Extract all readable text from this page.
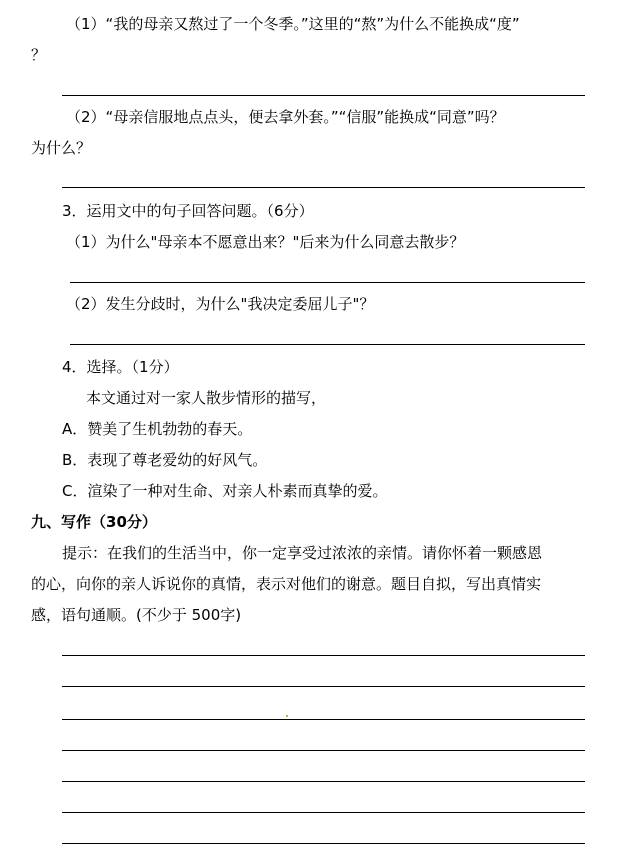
（1）“我的母亲又熬过了一个冬季。”这里的“熬”为什么不能换成“度”
？
（2）“母亲信服地点点头，便去拿外套。”“信服”能换成“同意”吗？
为什么？
3．运用文中的句子回答问题。（6分）
（1）为什么"母亲本不愿意出来？"后来为什么同意去散步？
（2）发生分歧时，为什么"我决定委屈儿子"？
4．选择。（1分）
本文通过对一家人散步情形的描写，
A．赞美了生机勃勃的春天。
B．表现了尊老爱幼的好风气。
C．渲染了一种对生命、对亲人朴素而真挚的爱。
九、写作（30分）
提示：在我们的生活当中，你一定享受过浓浓的亲情。请你怀着一颗感恩
的心，向你的亲人诉说你的真情，表示对他们的谢意。题目自拟，写出真情实
感，语句通顺。(不少于 500字)
